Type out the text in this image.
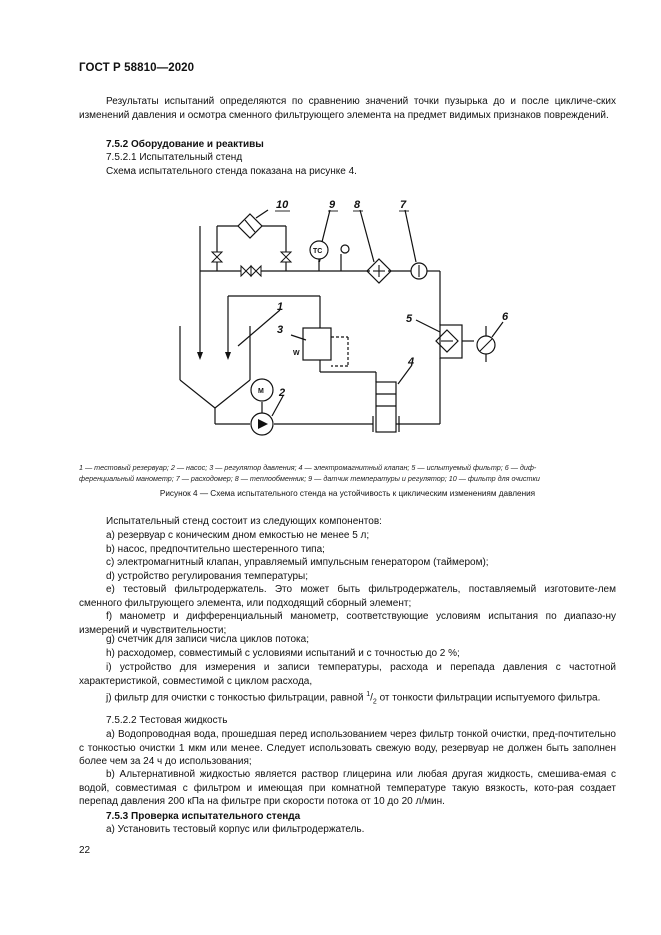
ГОСТ Р 58810—2020
Результаты испытаний определяются по сравнению значений точки пузырька до и после цикличе-ских изменений давления и осмотра сменного фильтрующего элемента на предмет видимых признаков повреждений.
7.5.2 Оборудование и реактивы
7.5.2.1 Испытательный стенд
Схема испытательного стенда показана на рисунке 4.
10	9 8	7
1
3
5	6
4
2
ТС
М
W
1 — тестовый резервуар; 2 — насос; 3 — регулятор давления; 4 — электромагнитный клапан; 5 — испытуемый фильтр; 6 — диф-
ференциальный манометр; 7 — расходомер; 8 — теплообменник; 9 — датчик температуры и регулятор; 10 — фильтр для очистки
Рисунок 4 — Схема испытательного стенда на устойчивость к циклическим изменениям давления
Испытательный стенд состоит из следующих компонентов:
а) резервуар с коническим дном емкостью не менее 5 л;
b) насос, предпочтительно шестеренного типа;
c) электромагнитный клапан, управляемый импульсным генератором (таймером);
d) устройство регулирования температуры;
e) тестовый фильтродержатель. Это может быть фильтродержатель, поставляемый изготовите-лем сменного фильтрующего элемента, или подходящий сборный элемент;
f) манометр и дифференциальный манометр, соответствующие условиям испытания по диапазо-ну измерений и чувствительности;
g) счетчик для записи числа циклов потока;
h) расходомер, совместимый с условиями испытаний и с точностью до 2 %;
i) устройство для измерения и записи температуры, расхода и перепада давления с частотной характеристикой, совместимой с циклом расхода,
j) фильтр для очистки с тонкостью фильтрации, равной $^1/_2$ от тонкости фильтрации испытуемого фильтра.
7.5.2.2 Тестовая жидкость
а) Водопроводная вода, прошедшая перед использованием через фильтр тонкой очистки, пред-почтительно с тонкостью очистки 1 мкм или менее. Следует использовать свежую воду, резервуар не должен быть заполнен более чем за 24 ч до использования;
b) Альтернативной жидкостью является раствор глицерина или любая другая жидкость, смешива-емая с водой, совместимая с фильтром и имеющая при комнатной температуре такую вязкость, кото-рая создает перепад давления 200 кПа на фильтре при скорости потока от 10 до 20 л/мин.
7.5.3 Проверка испытательного стенда
а) Установить тестовый корпус или фильтродержатель.
22
